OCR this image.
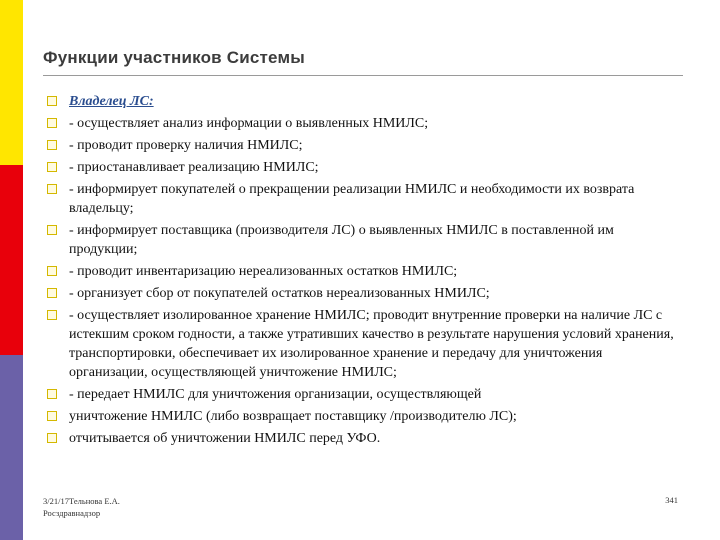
Функции участников Системы
Владелец ЛС:
- осуществляет анализ информации о выявленных НМИЛС;
- проводит проверку наличия НМИЛС;
- приостанавливает реализацию НМИЛС;
- информирует покупателей о прекращении реализации НМИЛС и необходимости их возврата владельцу;
- информирует поставщика (производителя ЛС) о выявленных НМИЛС в поставленной им продукции;
- проводит инвентаризацию нереализованных остатков НМИЛС;
- организует сбор от покупателей остатков нереализованных НМИЛС;
- осуществляет изолированное хранение НМИЛС; проводит внутренние проверки на наличие ЛС с истекшим сроком годности, а также утративших качество в результате нарушения условий хранения, транспортировки, обеспечивает их изолированное хранение и передачу для уничтожения организации, осуществляющей уничтожение НМИЛС;
- передает НМИЛС для уничтожения организации, осуществляющей
уничтожение НМИЛС (либо возвращает поставщику /производителю ЛС);
отчитывается об уничтожении НМИЛС перед УФО.
3/21/17Тельнова Е.А.
Росздравнадзор
341
